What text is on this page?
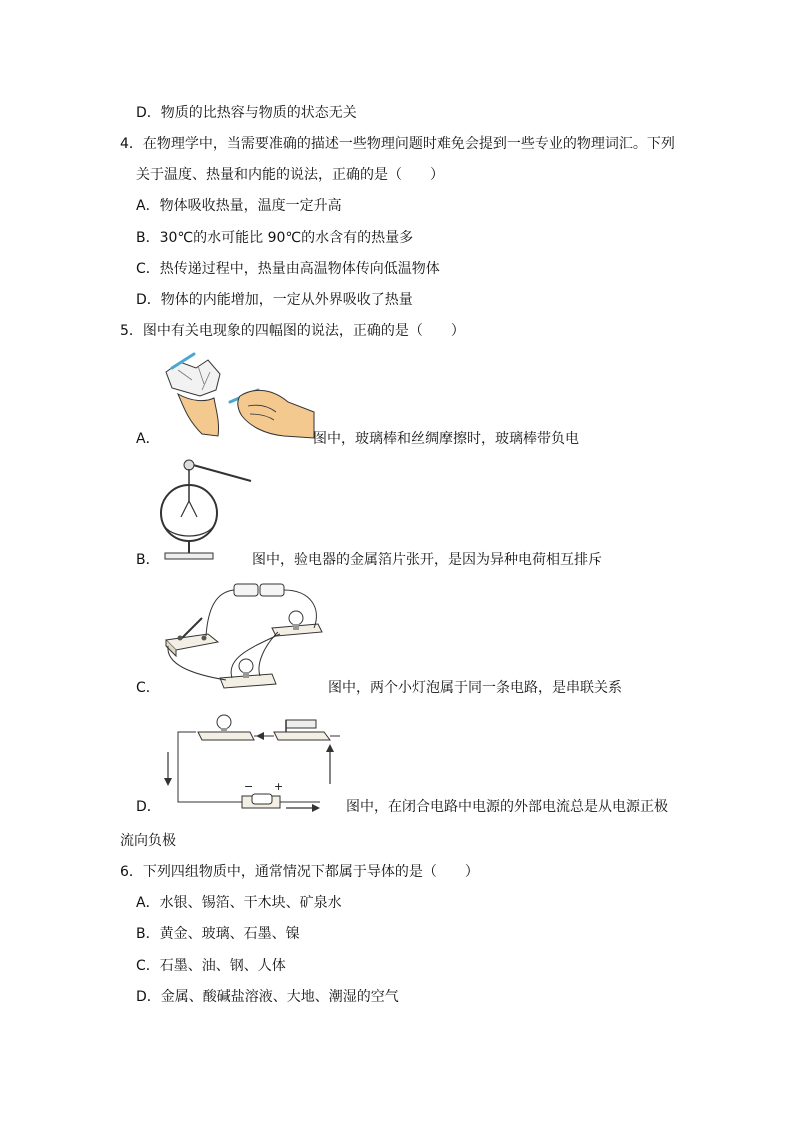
D．物质的比热容与物质的状态无关
4．在物理学中，当需要准确的描述一些物理问题时难免会提到一些专业的物理词汇。下列
关于温度、热量和内能的说法，正确的是（　　）
A．物体吸收热量，温度一定升高
B．30℃的水可能比 90℃的水含有的热量多
C．热传递过程中，热量由高温物体传向低温物体
D．物体的内能增加，一定从外界吸收了热量
5．图中有关电现象的四幅图的说法，正确的是（　　）
A．	图中，玻璃棒和丝绸摩擦时，玻璃棒带负电
B．	图中，验电器的金属箔片张开，是因为异种电荷相互排斥
C．	图中，两个小灯泡属于同一条电路，是串联关系
− +
D．	图中，在闭合电路中电源的外部电流总是从电源正极
流向负极
6．下列四组物质中，通常情况下都属于导体的是（　　）
A．水银、锡箔、干木块、矿泉水
B．黄金、玻璃、石墨、镍
C．石墨、油、钢、人体
D．金属、酸碱盐溶液、大地、潮湿的空气
